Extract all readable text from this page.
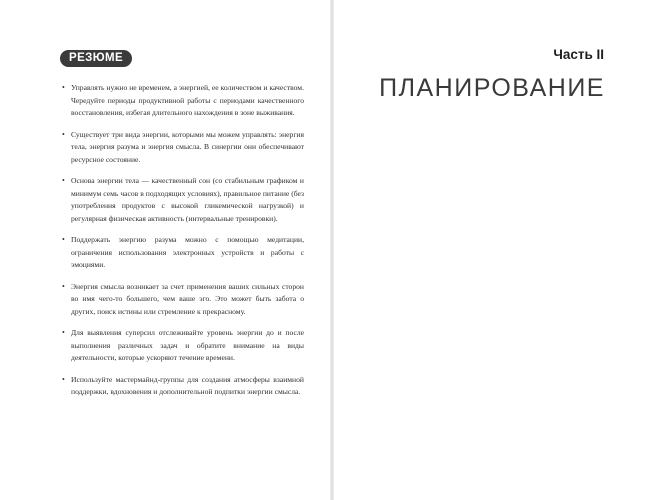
РЕЗЮМЕ
• Управлять нужно не временем, а энергией, ее количеством и качеством. Чередуйте периоды продуктивной работы с периодами качественного восстановления, избегая длительного нахождения в зоне выживания.
• Существует три вида энергии, которыми мы можем управлять: энергия тела, энергия разума и энергия смысла. В синергии они обеспечивают ресурсное состояние.
• Основа энергии тела — качественный сон (со стабильным графиком и минимум семь часов в подходящих условиях), правильное питание (без употребления продуктов с высокой гликемической нагрузкой) и регулярная физическая активность (интервальные тренировки).
• Поддержать энергию разума можно с помощью медитации, ограничения использования электронных устройств и работы с эмоциями.
• Энергия смысла возникает за счет применения ваших сильных сторон во имя чего-то большего, чем ваше эго. Это может быть забота о других, поиск истины или стремление к прекрасному.
• Для выявления суперсил отслеживайте уровень энергии до и после выполнения различных задач и обратите внимание на виды деятельности, которые ускоряют течение времени.
• Используйте мастермайнд-группы для создания атмосферы взаимной поддержки, вдохновения и дополнительной подпитки энергии смысла.
Часть II
ПЛАНИРОВАНИЕ
